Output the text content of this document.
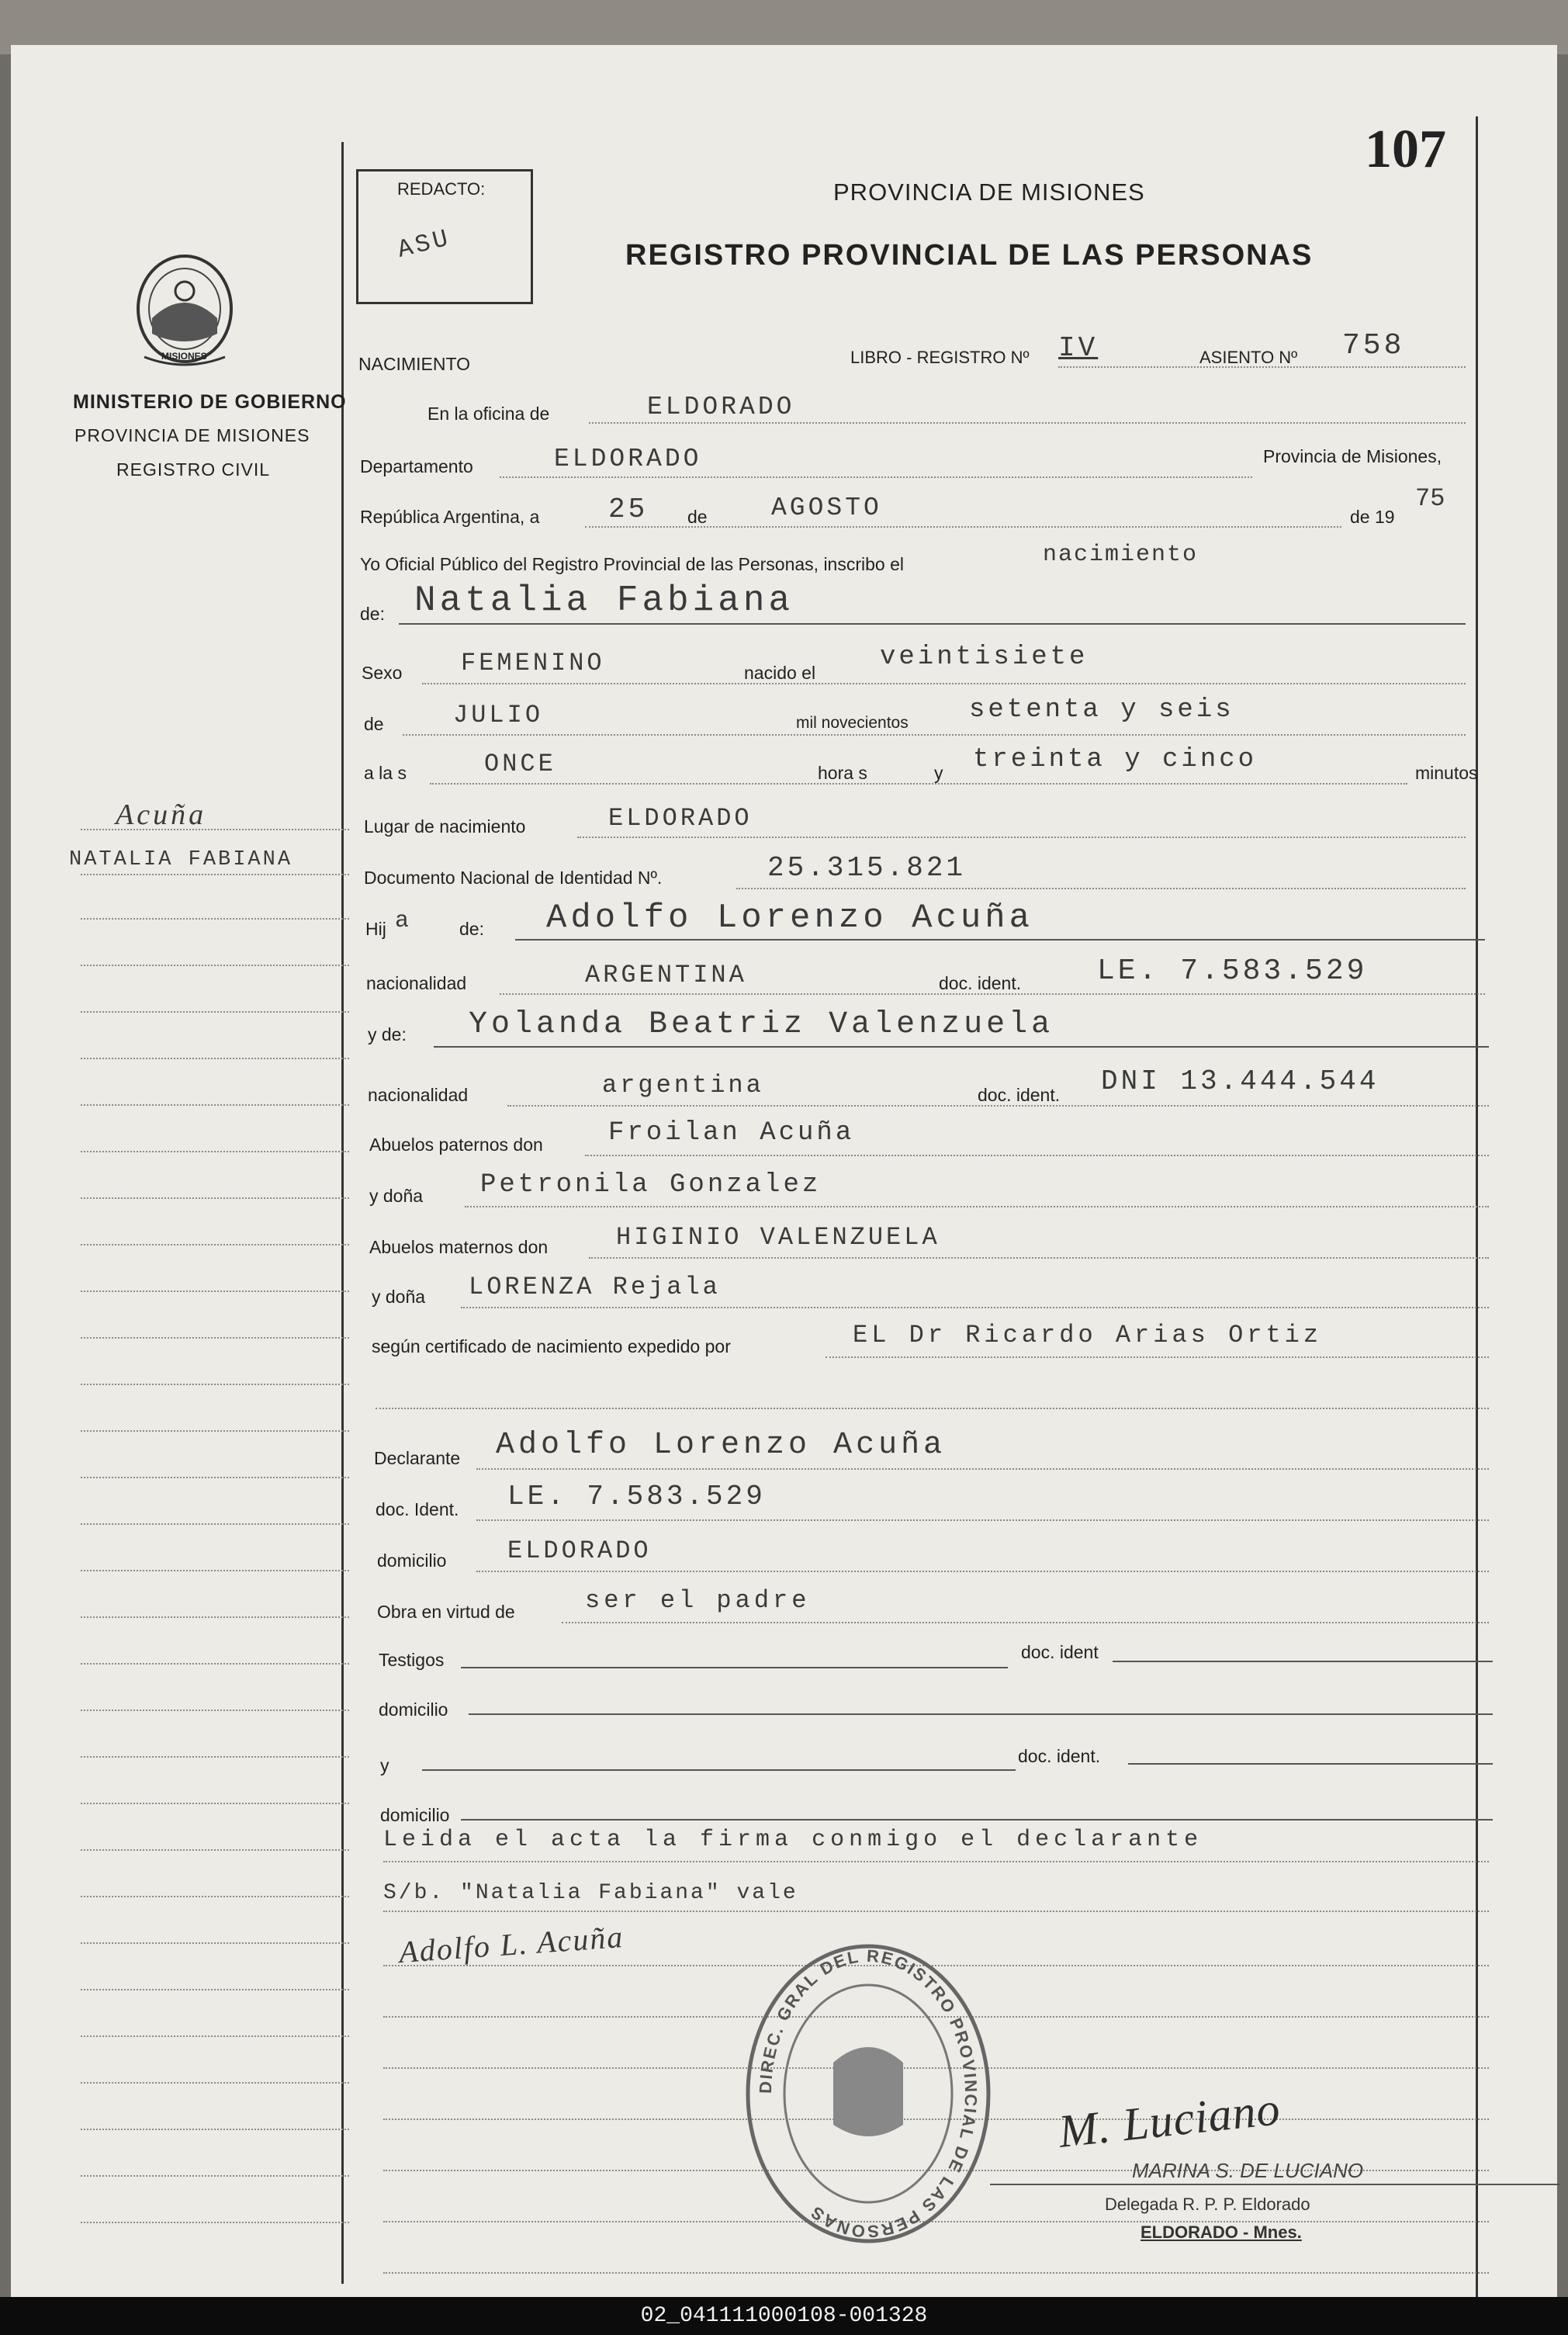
107
REDACTO:
ASU
PROVINCIA DE MISIONES
REGISTRO PROVINCIAL DE LAS PERSONAS
MISIONES
MINISTERIO DE GOBIERNO
PROVINCIA DE MISIONES
REGISTRO CIVIL
Acuña
NATALIA FABIANA
NACIMIENTO	LIBRO - REGISTRO Nº IV	ASIENTO Nº 758
En la oficina de	ELDORADO
Departamento	ELDORADO	Provincia de Misiones,
República Argentina, a 25 de AGOSTO	de 19
75
Yo Oficial Público del Registro Provincial de las Personas, inscribo el	nacimiento
de: Natalia Fabiana
Sexo FEMENINO	nacido el
veintisiete
de	JULIO	mil novecientos setenta y seis
a la s	ONCE	hora s	y treinta y cinco	minutos
Lugar de nacimiento	ELDORADO
Documento Nacional de Identidad Nº.	25.315.821
Hij a	de: Adolfo Lorenzo Acuña
nacionalidad	ARGENTINA	doc. ident.	LE. 7.583.529
y de: Yolanda Beatriz Valenzuela
nacionalidad	argentina	doc. ident. DNI 13.444.544
Abuelos paternos don Froilan Acuña
y doña Petronila Gonzalez
Abuelos maternos don	HIGINIO VALENZUELA
y doña LORENZA Rejala
según certificado de nacimiento expedido por	EL Dr Ricardo Arias Ortiz
Declarante Adolfo Lorenzo Acuña
doc. Ident. LE. 7.583.529
domicilio ELDORADO
Obra en virtud de	ser el padre
Testigos	doc. ident
domicilio
y	doc. ident.
domicilio
Leida el acta la firma conmigo el declarante
S/b. "Natalia Fabiana" vale
Adolfo L. Acuña
DIREC. GRAL DEL REGISTRO PROVINCIAL DE LAS PERSONAS
M. Luciano
MARINA S. DE LUCIANO
Delegada R. P. P. Eldorado
ELDORADO - Mnes.
02_041111000108-001328
